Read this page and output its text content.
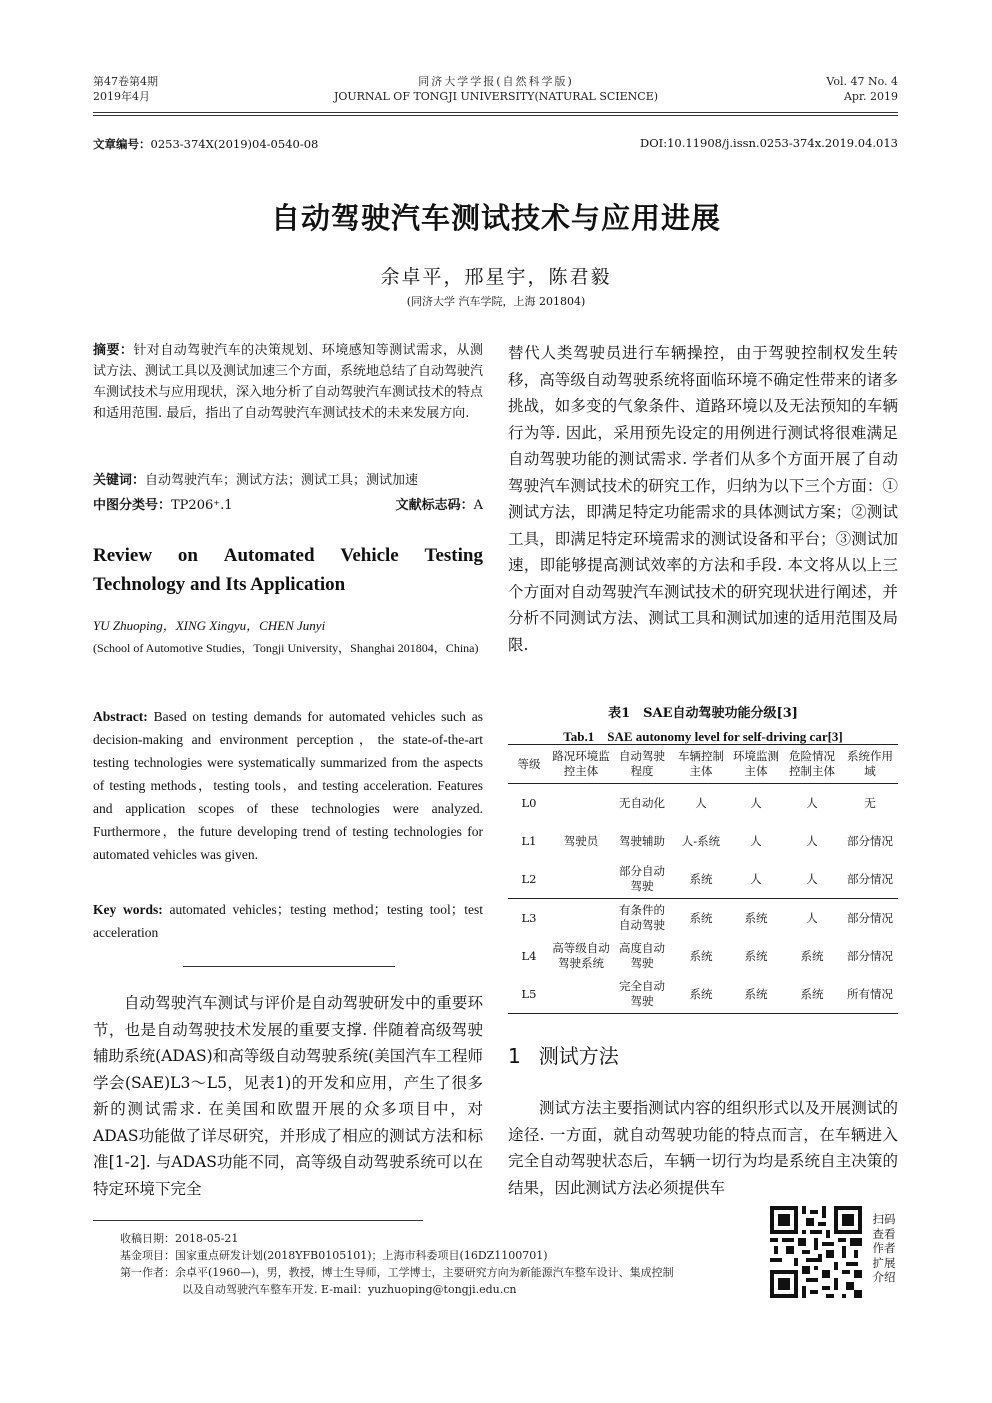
第47卷第4期
2019年4月
同济大学学报(自然科学版)
JOURNAL OF TONGJI UNIVERSITY(NATURAL SCIENCE)
Vol. 47 No. 4
Apr. 2019
文章编号：0253-374X(2019)04-0540-08	DOI:10.11908/j.issn.0253-374x.2019.04.013
自动驾驶汽车测试技术与应用进展
余卓平，邢星宇，陈君毅
(同济大学 汽车学院，上海 201804)
摘要：针对自动驾驶汽车的决策规划、环境感知等测试需求，从测试方法、测试工具以及测试加速三个方面，系统地总结了自动驾驶汽车测试技术与应用现状，深入地分析了自动驾驶汽车测试技术的特点和适用范围. 最后，指出了自动驾驶汽车测试技术的未来发展方向.
关键词：自动驾驶汽车；测试方法；测试工具；测试加速
中图分类号：TP206⁺.1	文献标志码：A
Review on Automated Vehicle Testing
Technology and Its Application
YU Zhuoping，XING Xingyu，CHEN Junyi
(School of Automotive Studies，Tongji University，Shanghai 201804，China)
Abstract: Based on testing demands for automated vehicles such as decision-making and environment perception，the state-of-the-art testing technologies were systematically summarized from the aspects of testing methods，testing tools，and testing acceleration. Features and application scopes of these technologies were analyzed. Furthermore，the future developing trend of testing technologies for automated vehicles was given.
Key words: automated vehicles；testing method；testing tool；test acceleration

自动驾驶汽车测试与评价是自动驾驶研发中的重要环节，也是自动驾驶技术发展的重要支撑. 伴随着高级驾驶辅助系统(ADAS)和高等级自动驾驶系统(美国汽车工程师学会(SAE)L3～L5，见表1)的开发和应用，产生了很多新的测试需求. 在美国和欧盟开展的众多项目中，对ADAS功能做了详尽研究，并形成了相应的测试方法和标准[1-2]. 与ADAS功能不同，高等级自动驾驶系统可以在特定环境下完全

替代人类驾驶员进行车辆操控，由于驾驶控制权发生转移，高等级自动驾驶系统将面临环境不确定性带来的诸多挑战，如多变的气象条件、道路环境以及无法预知的车辆行为等. 因此，采用预先设定的用例进行测试将很难满足自动驾驶功能的测试需求. 学者们从多个方面开展了自动驾驶汽车测试技术的研究工作，归纳为以下三个方面：①测试方法，即满足特定功能需求的具体测试方案；②测试工具，即满足特定环境需求的测试设备和平台；③测试加速，即能够提高测试效率的方法和手段. 本文将从以上三个方面对自动驾驶汽车测试技术的研究现状进行阐述，并分析不同测试方法、测试工具和测试加速的适用范围及局限.

表1　SAE自动驾驶功能分级[3]
Tab.1　SAE autonomy level for self-driving car[3]
等级	路况环境监控主体	自动驾驶程度	车辆控制主体	环境监测主体	危险情况控制主体	系统作用域
L0	驾驶员	无自动化	人	人	人	无
L1		驾驶辅助	人-系统	人	人	部分情况
L2		部分自动驾驶	系统	人	人	部分情况
L3	高等级自动驾驶系统	有条件的自动驾驶	系统	系统	人	部分情况
L4		高度自动驾驶	系统	系统	系统	部分情况
L5		完全自动驾驶	系统	系统	系统	所有情况
1 测试方法

测试方法主要指测试内容的组织形式以及开展测试的途径. 一方面，就自动驾驶功能的特点而言，在车辆进入完全自动驾驶状态后，车辆一切行为均是系统自主决策的结果，因此测试方法必须提供车

收稿日期：2018-05-21
基金项目：国家重点研发计划(2018YFB0105101)；上海市科委项目(16DZ1100701)
第一作者：余卓平(1960—)，男，教授，博士生导师，工学博士，主要研究方向为新能源汽车整车设计、集成控制
以及自动驾驶汽车整车开发. E-mail：yuzhuoping@tongji.edu.cn
扫码查看作者扩展介绍
